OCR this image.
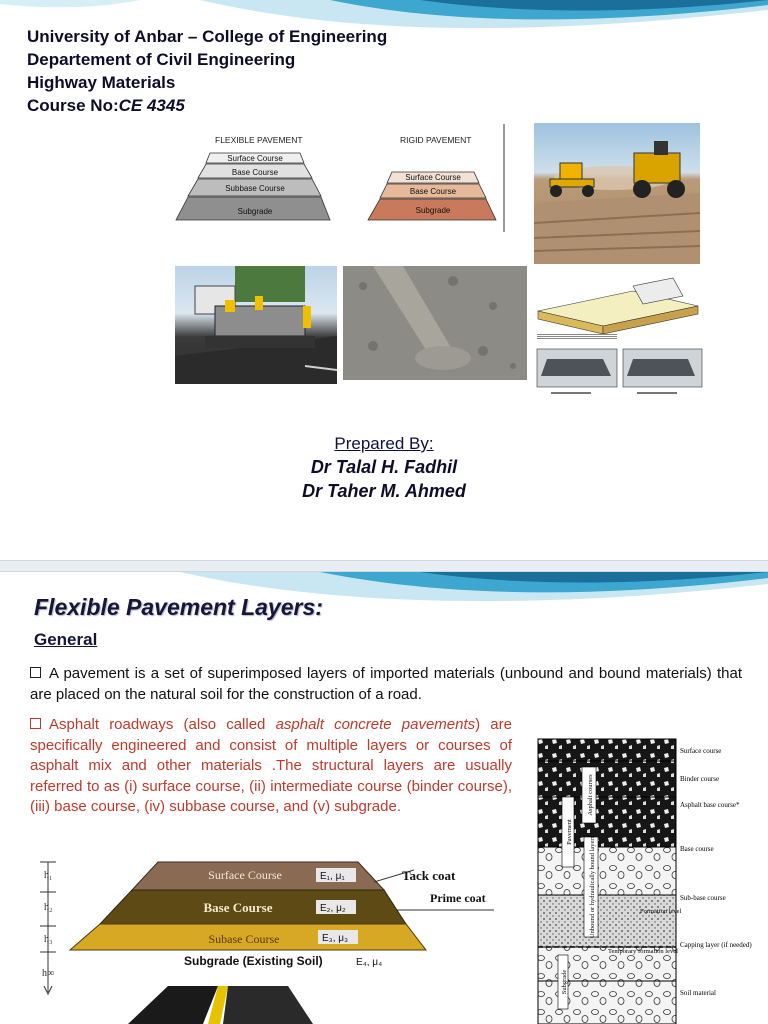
University of Anbar – College of Engineering
Departement of Civil Engineering
Highway Materials
Course No:CE 4345
FLEXIBLE PAVEMENT
Surface Course
Base Course
Subbase Course
Subgrade
RIGID PAVEMENT
Surface Course
Base Course
Subgrade
Prepared By:
Dr Talal H. Fadhil
Dr Taher M. Ahmed
Flexible Pavement Layers:
General
A pavement is a set of superimposed layers of imported materials (unbound and bound materials) that are placed on the natural soil for the construction of a road.
Asphalt roadways (also called asphalt concrete pavements) are specifically engineered and consist of multiple layers or courses of asphalt mix and other materials .The structural layers are usually referred to as (i) surface course, (ii) intermediate course (binder course), (iii) base course, (iv) subbase course, and (v) subgrade.
h₁
h₂
h₃
h∞
Surface Course
Base Course
Subase Course
E₁, μ₁
E₂, μ₂
E₃, μ₃
Subgrade (Existing Soil)	E₄, μ₄
Tack coat
Prime coat
Asphalt courses
Pavement
Unbound or hydraulically bound layers
Subgrade
Formation level
Temporary formation level
Surface course
Binder course
Asphalt base course*
Base course
Sub-base course
Capping layer (if needed)
Soil material
